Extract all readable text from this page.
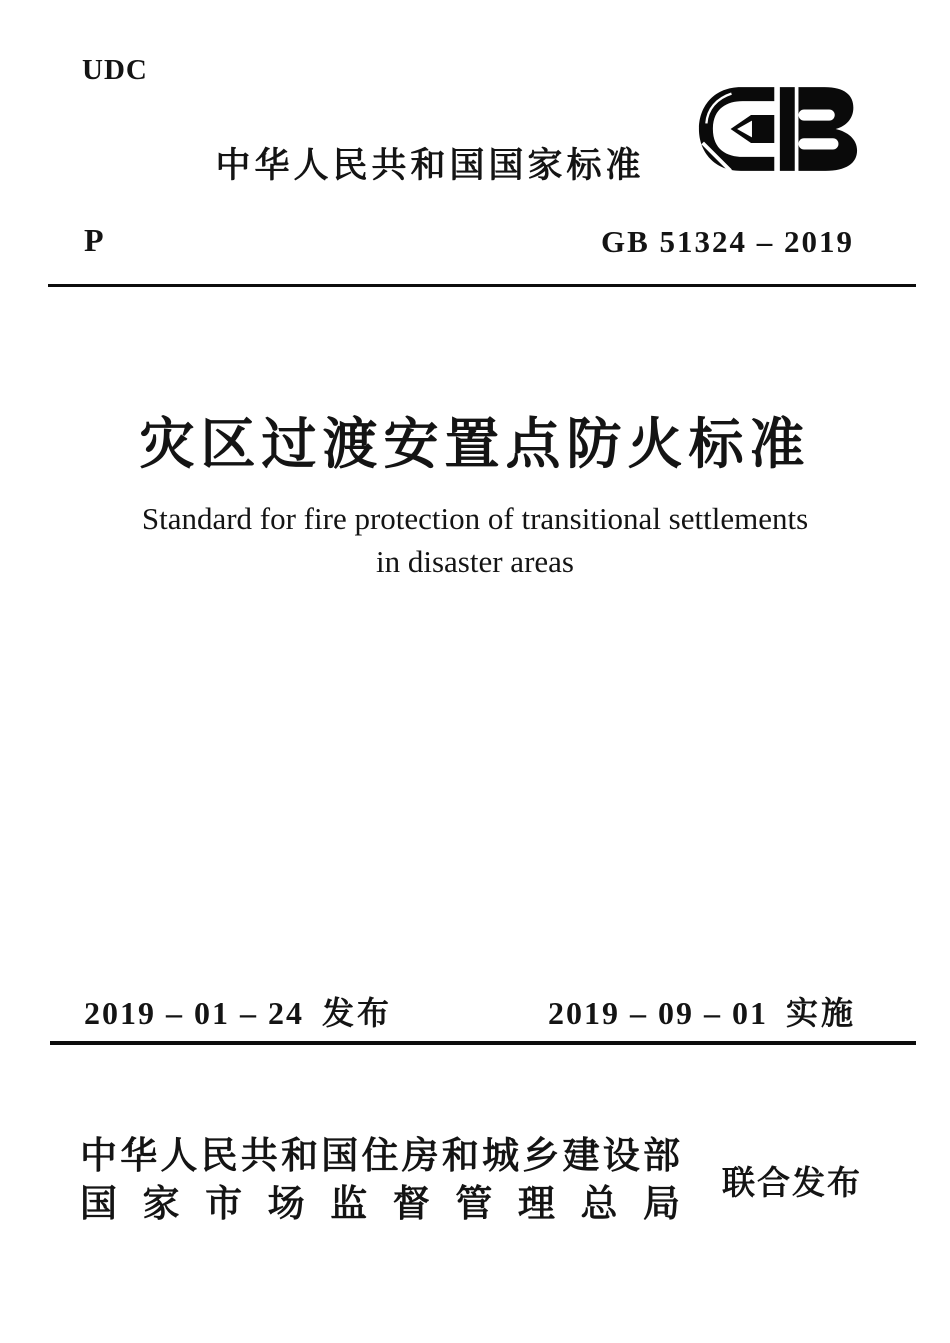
UDC
中华人民共和国国家标准
P	GB 51324 – 2019
灾区过渡安置点防火标准
Standard for fire protection of transitional settlements
in disaster areas
2019 – 01 – 24 发布	2019 – 09 – 01 实施
中华人民共和国住房和城乡建设部
国家市场监督管理总局
联合发布
